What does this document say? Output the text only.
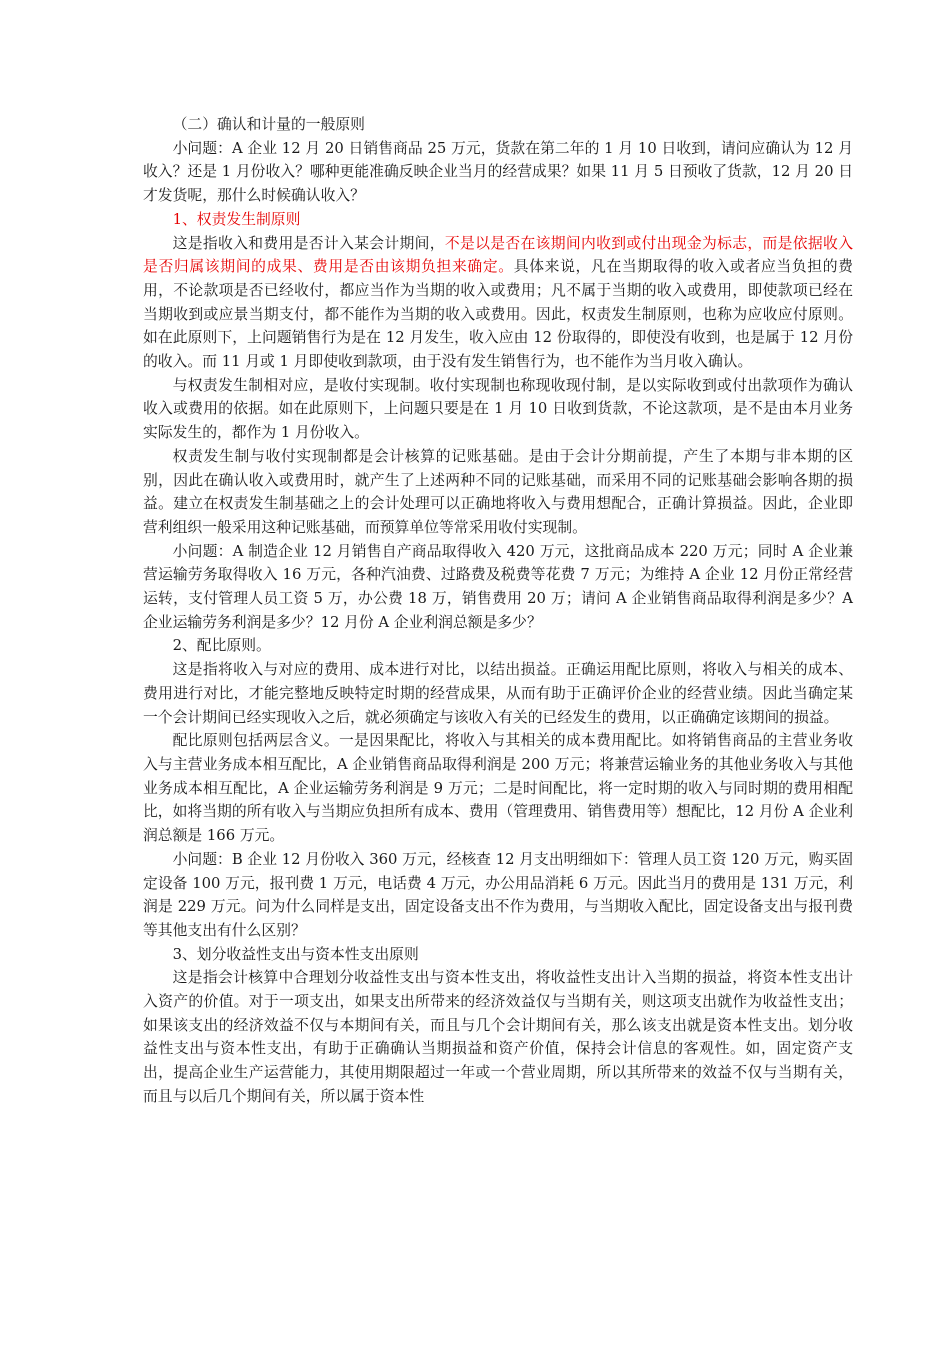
（二）确认和计量的一般原则

小问题：A 企业 12 月 20 日销售商品 25 万元，货款在第二年的 1 月 10 日收到，请问应确认为 12 月收入？还是 1 月份收入？哪种更能准确反映企业当月的经营成果？如果 11 月 5 日预收了货款，12 月 20 日才发货呢，那什么时候确认收入？

1、权责发生制原则

这是指收入和费用是否计入某会计期间，不是以是否在该期间内收到或付出现金为标志，而是依据收入是否归属该期间的成果、费用是否由该期负担来确定。具体来说，凡在当期取得的收入或者应当负担的费用，不论款项是否已经收付，都应当作为当期的收入或费用；凡不属于当期的收入或费用，即使款项已经在当期收到或应景当期支付，都不能作为当期的收入或费用。因此，权责发生制原则，也称为应收应付原则。如在此原则下，上问题销售行为是在 12 月发生，收入应由 12 份取得的，即使没有收到，也是属于 12 月份的收入。而 11 月或 1 月即使收到款项，由于没有发生销售行为，也不能作为当月收入确认。

与权责发生制相对应，是收付实现制。收付实现制也称现收现付制，是以实际收到或付出款项作为确认收入或费用的依据。如在此原则下，上问题只要是在 1 月 10 日收到货款，不论这款项，是不是由本月业务实际发生的，都作为 1 月份收入。

权责发生制与收付实现制都是会计核算的记账基础。是由于会计分期前提，产生了本期与非本期的区别，因此在确认收入或费用时，就产生了上述两种不同的记账基础，而采用不同的记账基础会影响各期的损益。建立在权责发生制基础之上的会计处理可以正确地将收入与费用想配合，正确计算损益。因此，企业即营利组织一般采用这种记账基础，而预算单位等常采用收付实现制。

小问题：A 制造企业 12 月销售自产商品取得收入 420 万元，这批商品成本 220 万元；同时 A 企业兼营运输劳务取得收入 16 万元，各种汽油费、过路费及税费等花费 7 万元；为维持 A 企业 12 月份正常经营运转，支付管理人员工资 5 万，办公费 18 万，销售费用 20 万；请问 A 企业销售商品取得利润是多少？A 企业运输劳务利润是多少？12 月份 A 企业利润总额是多少？

2、配比原则。

这是指将收入与对应的费用、成本进行对比，以结出损益。正确运用配比原则，将收入与相关的成本、费用进行对比，才能完整地反映特定时期的经营成果，从而有助于正确评价企业的经营业绩。因此当确定某一个会计期间已经实现收入之后，就必须确定与该收入有关的已经发生的费用，以正确确定该期间的损益。

配比原则包括两层含义。一是因果配比，将收入与其相关的成本费用配比。如将销售商品的主营业务收入与主营业务成本相互配比，A 企业销售商品取得利润是 200 万元；将兼营运输业务的其他业务收入与其他业务成本相互配比，A 企业运输劳务利润是 9 万元；二是时间配比，将一定时期的收入与同时期的费用相配比，如将当期的所有收入与当期应负担所有成本、费用（管理费用、销售费用等）想配比，12 月份 A 企业利润总额是 166 万元。

小问题：B 企业 12 月份收入 360 万元，经核查 12 月支出明细如下：管理人员工资 120 万元，购买固定设备 100 万元，报刊费 1 万元，电话费 4 万元，办公用品消耗 6 万元。因此当月的费用是 131 万元，利润是 229 万元。问为什么同样是支出，固定设备支出不作为费用，与当期收入配比，固定设备支出与报刊费等其他支出有什么区别？

3、划分收益性支出与资本性支出原则

这是指会计核算中合理划分收益性支出与资本性支出，将收益性支出计入当期的损益，将资本性支出计入资产的价值。对于一项支出，如果支出所带来的经济效益仅与当期有关，则这项支出就作为收益性支出；如果该支出的经济效益不仅与本期间有关，而且与几个会计期间有关，那么该支出就是资本性支出。划分收益性支出与资本性支出，有助于正确确认当期损益和资产价值，保持会计信息的客观性。如，固定资产支出，提高企业生产运营能力，其使用期限超过一年或一个营业周期，所以其所带来的效益不仅与当期有关，而且与以后几个期间有关，所以属于资本性
